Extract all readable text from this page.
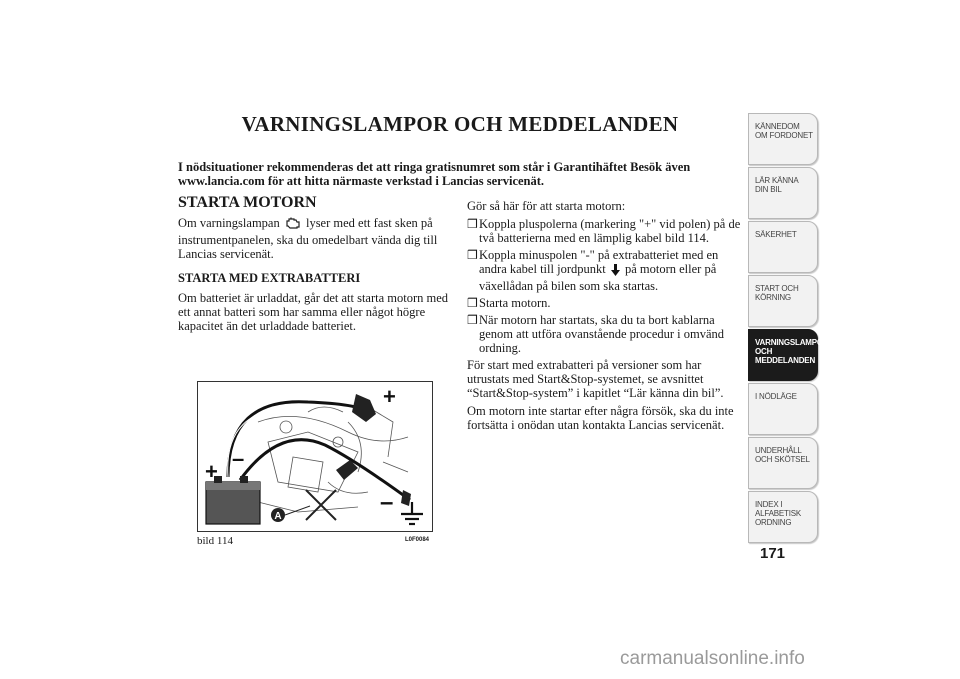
VARNINGSLAMPOR OCH MEDDELANDEN
I nödsituationer rekommenderas det att ringa gratisnumret som står i Garantihäftet Besök även www.lancia.com för att hitta närmaste verkstad i Lancias servicenät.
STARTA MOTORN

Om varningslampan lyser med ett fast sken på instrumentpanelen, ska du omedelbart vända dig till Lancias servicenät.

STARTA MED EXTRABATTERI

Om batteriet är urladdat, går det att starta motorn med ett annat batteri som har samma eller något högre kapacitet än det urladdade batteriet.

Gör så här för att starta motorn:

❒ Koppla pluspolerna (markering "+" vid polen) på de två batterierna med en lämplig kabel bild 114.
❒ Koppla minuspolen "-" på extrabatteriet med en andra kabel till jordpunkt på motorn eller på växellådan på bilen som ska startas.
❒ Starta motorn.
❒ När motorn har startats, ska du ta bort kablarna genom att utföra ovanstående procedur i omvänd ordning.

För start med extrabatteri på versioner som har utrustats med Start&Stop-systemet, se avsnittet “Start&Stop-system” i kapitlet “Lär känna din bil”.

Om motorn inte startar efter några försök, ska du inte fortsätta i onödan utan kontakta Lancias servicenät.

A
+
–
+
–
bild 114	L0F0084
KÄNNEDOM OM FORDONET
LÄR KÄNNA DIN BIL
SÄKERHET
START OCH KÖRNING
VARNINGSLAMPOR OCH MEDDELANDEN
I NÖDLÄGE
UNDERHÅLL OCH SKÖTSEL
INDEX I ALFABETISK ORDNING
171
carmanualsonline.info
